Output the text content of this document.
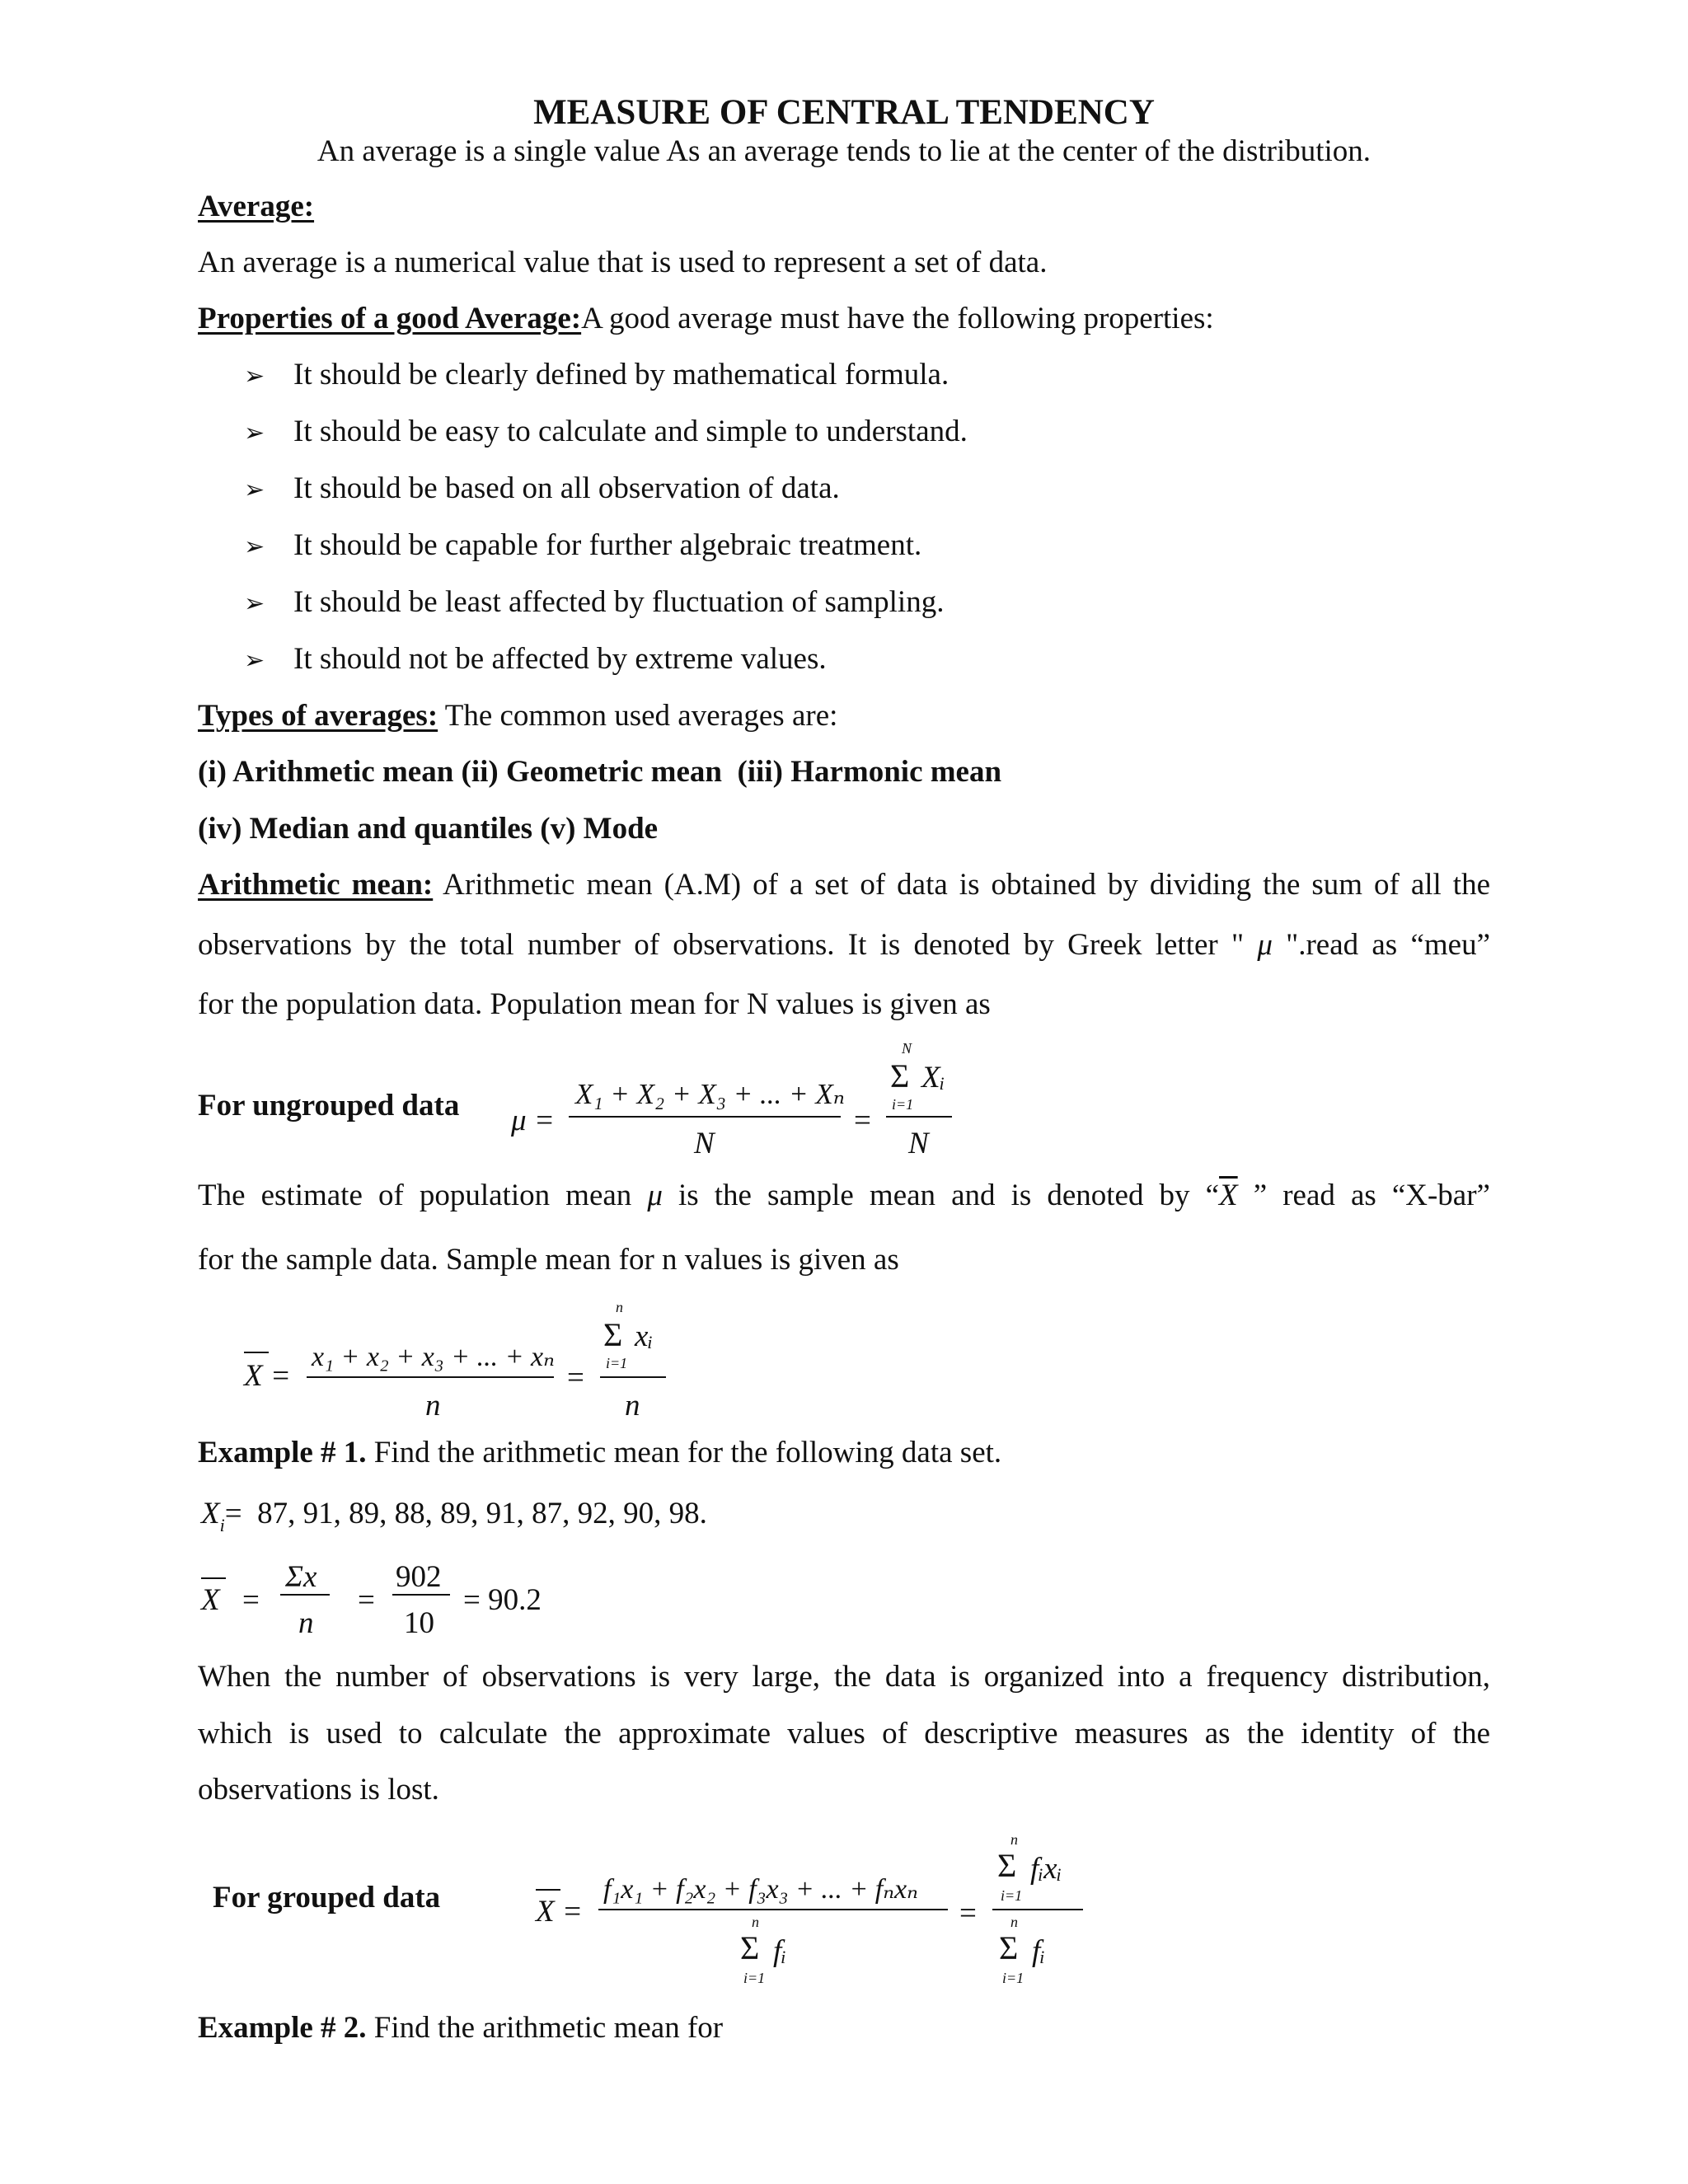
MEASURE OF CENTRAL TENDENCY
An average is a single value As an average tends to lie at the center of the distribution.
Average:
An average is a numerical value that is used to represent a set of data.
Properties of a good Average:A good average must have the following properties:
➢ It should be clearly defined by mathematical formula.
➢ It should be easy to calculate and simple to understand.
➢ It should be based on all observation of data.
➢ It should be capable for further algebraic treatment.
➢ It should be least affected by fluctuation of sampling.
➢ It should not be affected by extreme values.
Types of averages: The common used averages are:
(i) Arithmetic mean (ii) Geometric mean  (iii) Harmonic mean
(iv) Median and quantiles (v) Mode
Arithmetic mean: Arithmetic mean (A.M) of a set of data is obtained by dividing the sum of all the
observations by the total number of observations. It is denoted by Greek letter " μ ".read as “meu”
for the population data. Population mean for N values is given as
For ungrouped data μ =
X₁ + X₂ + X₃ + ... + Xₙ
N
=
N
Σ Xᵢ
i=1
N
The estimate of population mean μ is the sample mean and is denoted by “$\overline{X}$ ” read as “X-bar”
for the sample data. Sample mean for n values is given as
X =
x₁ + x₂ + x₃ + ... + xₙ
n
=
n
Σ xᵢ
i=1
n
Example # 1. Find the arithmetic mean for the following data set.
$X_i= 87$, 91, 89, 88, 89, 91, 87, 92, 90, 98.
X =
Σx
n
=
902
10
= 90.2
When the number of observations is very large, the data is organized into a frequency distribution,
which is used to calculate the approximate values of descriptive measures as the identity of the
observations is lost.
For grouped data	X =
f₁x₁ + f₂x₂ + f₃x₃ + ... + fₙxₙ
n
Σ fᵢ
i=1
=
n
Σ fᵢxᵢ
i=1
n
Σ fᵢ
i=1
Example # 2. Find the arithmetic mean for
